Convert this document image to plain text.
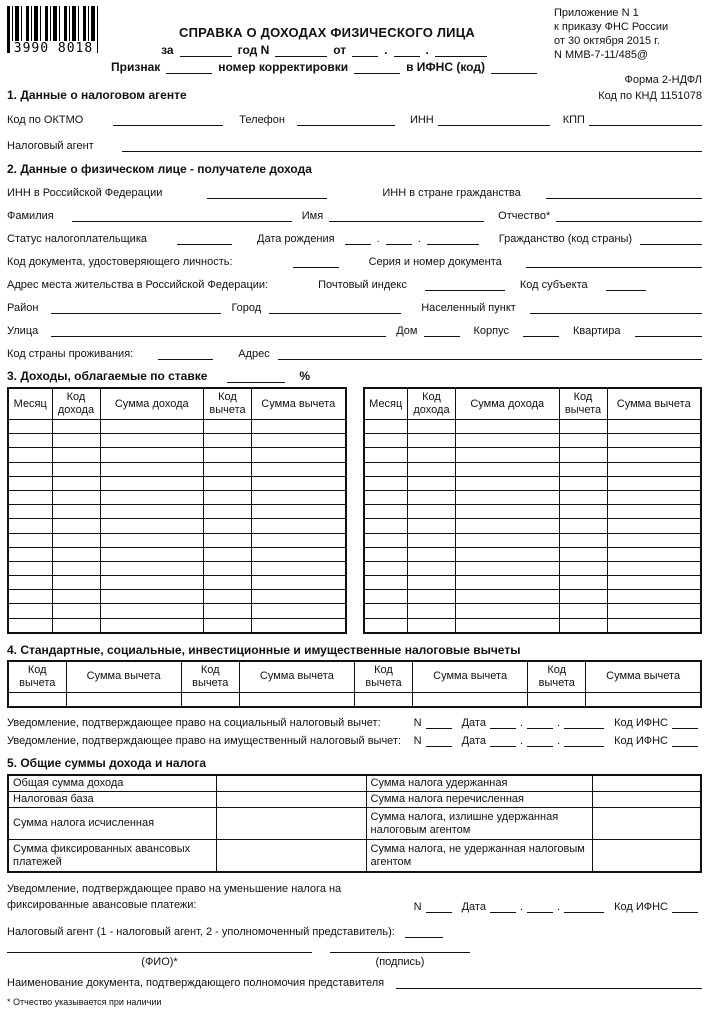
3990 8018
СПРАВКА О ДОХОДАХ ФИЗИЧЕСКОГО ЛИЦА
за	год N	от	.	.
Признак	номер корректировки	в ИФНС (код)
Приложение N 1
к приказу ФНС России
от 30 октября 2015 г.
N ММВ-7-11/485@
Форма 2-НДФЛ
1. Данные о налоговом агенте	Код по КНД 1151078
Код по ОКТМО	Телефон	ИНН	КПП
Налоговый агент
2. Данные о физическом лице - получателе дохода
ИНН в Российской Федерации	ИНН в стране гражданства
Фамилия	Имя	Отчество*
Статус налогоплательщика	Дата рождения	.	.	Гражданство (код страны)
Код документа, удостоверяющего личность:	Серия и номер документа
Адрес места жительства в Российской Федерации:	Почтовый индекс	Код субъекта
Район	Город	Населенный пункт
Улица	Дом	Корпус	Квартира
Код страны проживания:	Адрес
3. Доходы, облагаемые по ставке	%
Месяц	Код дохода	Сумма дохода	Код вычета	Сумма вычета

					Месяц	Код дохода	Сумма дохода	Код вычета	Сумма вычета

4. Стандартные, социальные, инвестиционные и имущественные налоговые вычеты
Код вычета	Сумма вычета	Код вычета	Сумма вычета	Код вычета	Сумма вычета	Код вычета	Сумма вычета

Уведомление, подтверждающее право на социальный налоговый вычет:	N	Дата	.	.	Код ИФНС
Уведомление, подтверждающее право на имущественный налоговый вычет: N	Дата	.	.	Код ИФНС
5. Общие суммы дохода и налога
Общая сумма дохода		Сумма налога удержанная	
Налоговая база		Сумма налога перечисленная	
Сумма налога исчисленная		Сумма налога, излишне удержанная налоговым агентом	
Сумма фиксированных авансовых платежей		Сумма налога, не удержанная налоговым агентом	
Уведомление, подтверждающее право на уменьшение налога на
фиксированные авансовые платежи:	N	Дата	.	.	Код ИФНС
Налоговый агент (1 - налоговый агент, 2 - уполномоченный представитель):
(ФИО)*	(подпись)
Наименование документа, подтверждающего полномочия представителя
* Отчество указывается при наличии
